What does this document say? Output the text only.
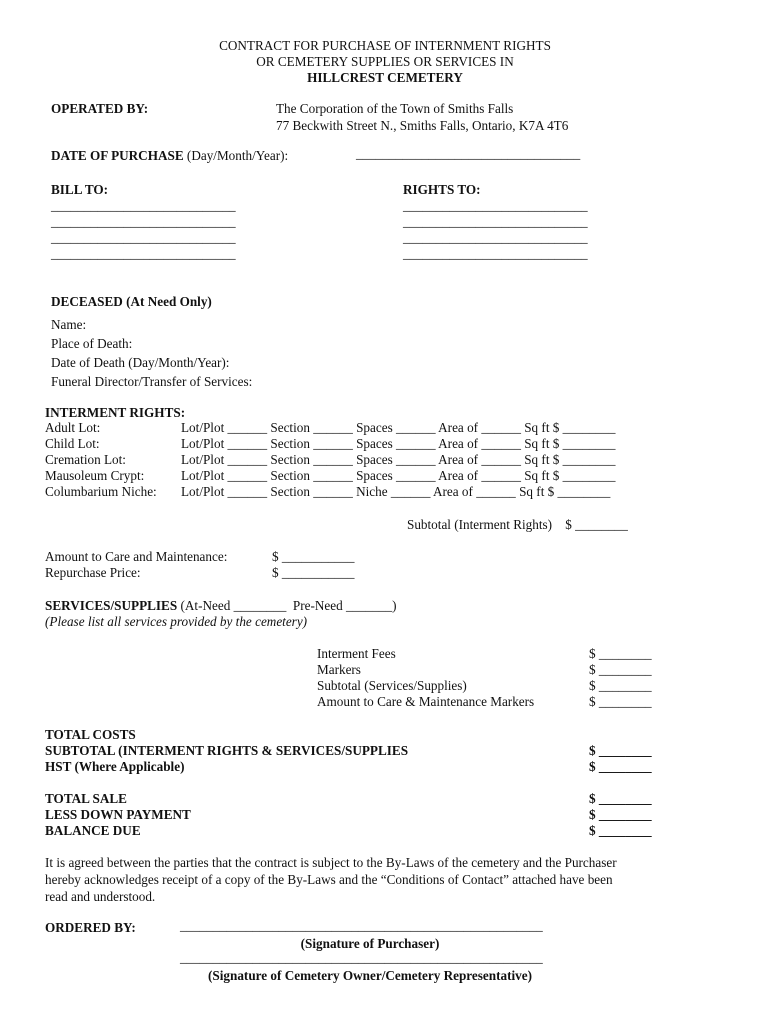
CONTRACT FOR PURCHASE OF INTERNMENT RIGHTS
OR CEMETERY SUPPLIES OR SERVICES IN
HILLCREST CEMETERY
OPERATED BY:	The Corporation of the Town of Smiths Falls
77 Beckwith Street N., Smiths Falls, Ontario, K7A 4T6
DATE OF PURCHASE (Day/Month/Year):	__________________________________
BILL TO:	RIGHTS TO:
____________________________
____________________________
____________________________
____________________________
____________________________
____________________________
____________________________
____________________________
DECEASED (At Need Only)
Name:
Place of Death:
Date of Death (Day/Month/Year):
Funeral Director/Transfer of Services:
INTERMENT RIGHTS:
Adult Lot:	Lot/Plot ______ Section ______ Spaces ______ Area of ______ Sq ft $ ________
Child Lot:	Lot/Plot ______ Section ______ Spaces ______ Area of ______ Sq ft $ ________
Cremation Lot:	Lot/Plot ______ Section ______ Spaces ______ Area of ______ Sq ft $ ________
Mausoleum Crypt:	Lot/Plot ______ Section ______ Spaces ______ Area of ______ Sq ft $ ________
Columbarium Niche: Lot/Plot ______ Section ______ Niche ______ Area of ______ Sq ft $ ________
Subtotal (Interment Rights)    $ ________
Amount to Care and Maintenance:	$ ___________
Repurchase Price:	$ ___________
SERVICES/SUPPLIES (At-Need ________  Pre-Need _______)
(Please list all services provided by the cemetery)
Interment Fees	$ ________
Markers	$ ________
Subtotal (Services/Supplies)	$ ________
Amount to Care & Maintenance Markers	$ ________
TOTAL COSTS
SUBTOTAL (INTERMENT RIGHTS & SERVICES/SUPPLIES	$ ________
HST (Where Applicable)	$ ________
TOTAL SALE	$ ________
LESS DOWN PAYMENT	$ ________
BALANCE DUE	$ ________
It is agreed between the parties that the contract is subject to the By-Laws of the cemetery and the Purchaser
hereby acknowledges receipt of a copy of the By-Laws and the “Conditions of Contact” attached have been
read and understood.
ORDERED BY:	_______________________________________________________
(Signature of Purchaser)
_______________________________________________________
(Signature of Cemetery Owner/Cemetery Representative)
